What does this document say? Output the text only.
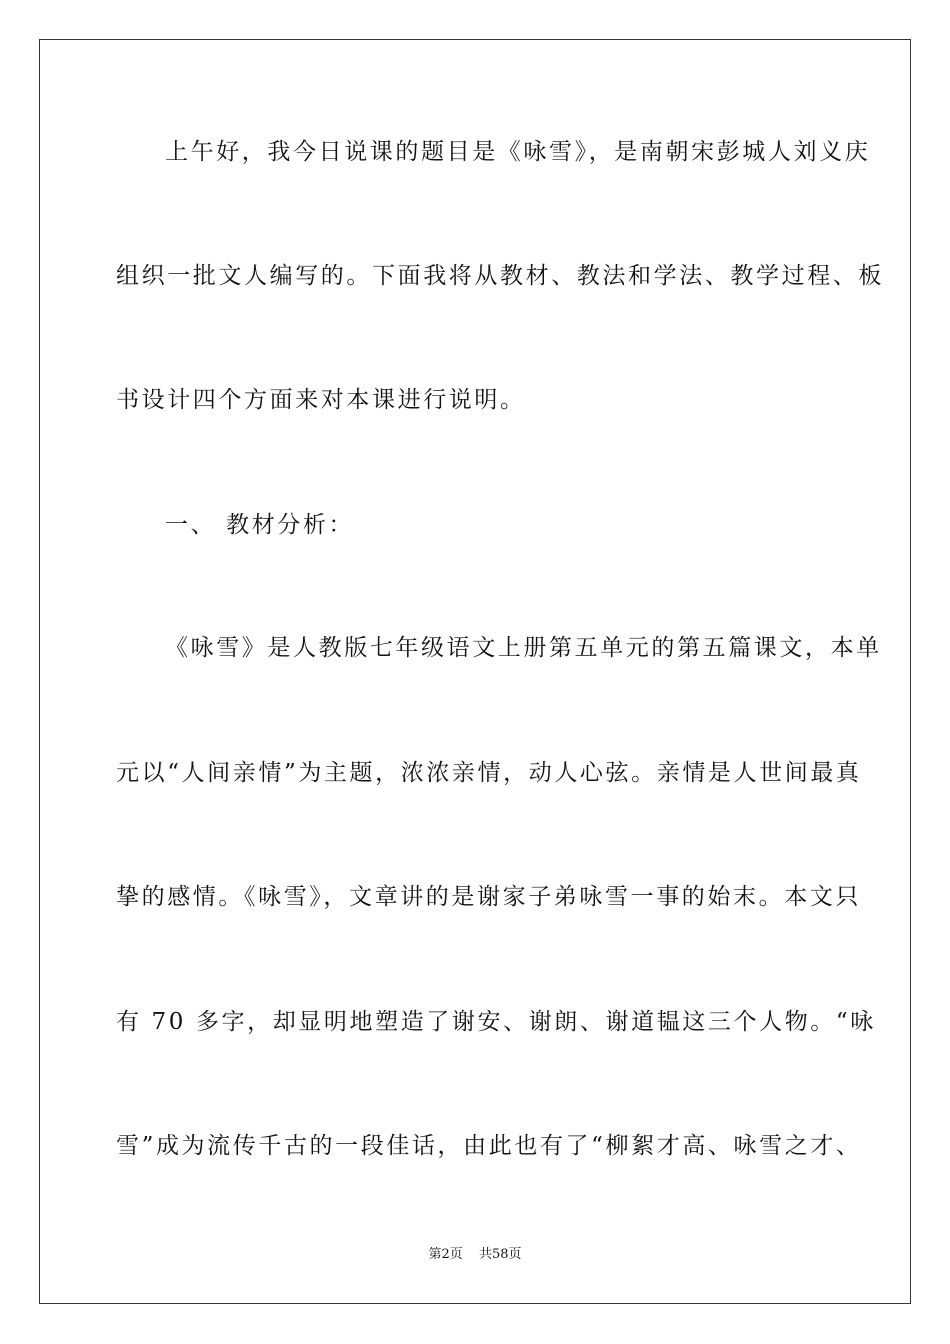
上午好，我今日说课的题目是《咏雪》，是南朝宋彭城人刘义庆
组织一批文人编写的。下面我将从教材、教法和学法、教学过程、板
书设计四个方面来对本课进行说明。
一、 教材分析：
《咏雪》是人教版七年级语文上册第五单元的第五篇课文，本单
元以“人间亲情”为主题，浓浓亲情，动人心弦。亲情是人世间最真
挚的感情。《咏雪》，文章讲的是谢家子弟咏雪一事的始末。本文只
有 70 多字，却显明地塑造了谢安、谢朗、谢道韫这三个人物。“咏
雪”成为流传千古的一段佳话，由此也有了“柳絮才高、咏雪之才、
第2页 共58页
